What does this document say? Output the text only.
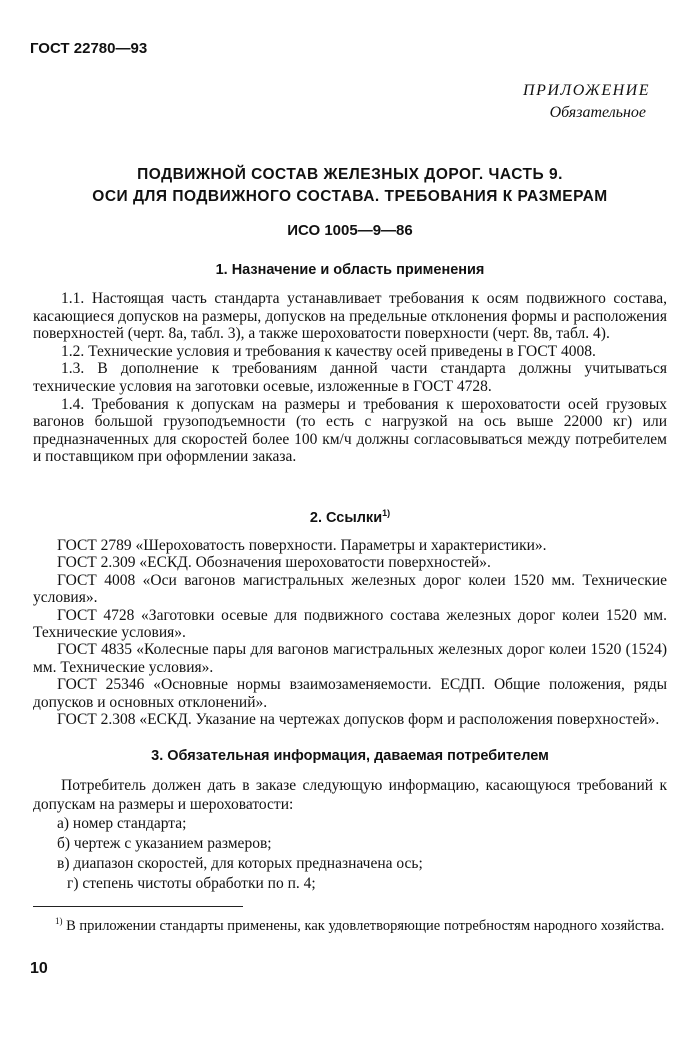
ГОСТ 22780—93
ПРИЛОЖЕНИЕ
Обязательное
ПОДВИЖНОЙ СОСТАВ ЖЕЛЕЗНЫХ ДОРОГ. ЧАСТЬ 9.
ОСИ ДЛЯ ПОДВИЖНОГО СОСТАВА. ТРЕБОВАНИЯ К РАЗМЕРАМ
ИСО 1005—9—86
1. Назначение и область применения

1.1. Настоящая часть стандарта устанавливает требования к осям подвижного состава, касающиеся допусков на размеры, допусков на предельные отклонения формы и расположения поверхностей (черт. 8а, табл. 3), а также шероховатости поверхности (черт. 8в, табл. 4).

1.2. Технические условия и требования к качеству осей приведены в ГОСТ 4008.

1.3. В дополнение к требованиям данной части стандарта должны учитываться технические условия на заготовки осевые, изложенные в ГОСТ 4728.

1.4. Требования к допускам на размеры и требования к шероховатости осей грузовых вагонов большой грузоподъемности (то есть с нагрузкой на ось выше 22000 кг) или предназначенных для скоростей более 100 км/ч должны согласовываться между потребителем и поставщиком при оформлении заказа.

2. Ссылки$^{1)}$

ГОСТ 2789 «Шероховатость поверхности. Параметры и характеристики».

ГОСТ 2.309 «ЕСКД. Обозначения шероховатости поверхностей».

ГОСТ 4008 «Оси вагонов магистральных железных дорог колеи 1520 мм. Технические условия».

ГОСТ 4728 «Заготовки осевые для подвижного состава железных дорог колеи 1520 мм. Технические условия».

ГОСТ 4835 «Колесные пары для вагонов магистральных железных дорог колеи 1520 (1524) мм. Технические условия».

ГОСТ 25346 «Основные нормы взаимозаменяемости. ЕСДП. Общие положения, ряды допусков и основных отклонений».

ГОСТ 2.308 «ЕСКД. Указание на чертежах допусков форм и расположения поверхностей».

3. Обязательная информация, даваемая потребителем

Потребитель должен дать в заказе следующую информацию, касающуюся требований к допускам на размеры и шероховатости:

а) номер стандарта;
б) чертеж с указанием размеров;
в) диапазон скоростей, для которых предназначена ось;
г) степень чистоты обработки по п. 4;

$^{1)}$ В приложении стандарты применены, как удовлетворяющие потребностям народного хозяйства.

10
